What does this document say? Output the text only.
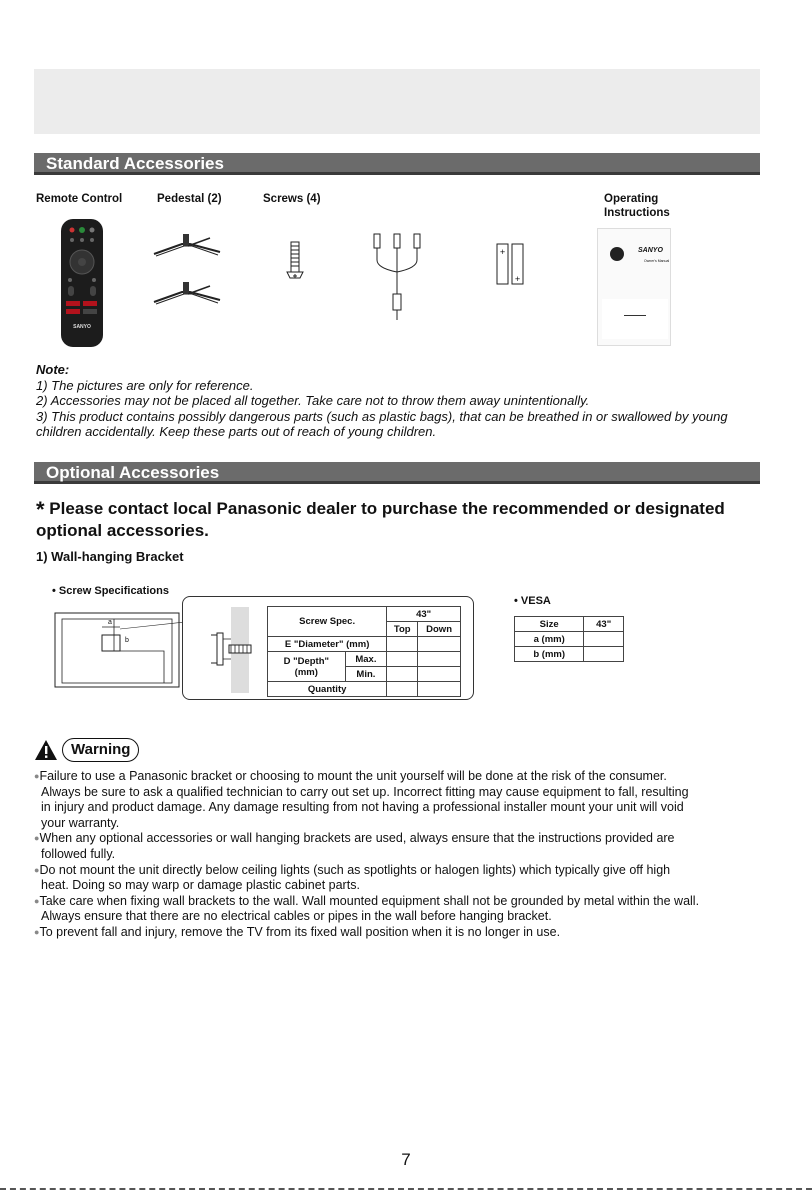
Standard Accessories
Remote Control	Pedestal (2)	Screws (4)	Operating
Instructions
SANYO
+
+
SANYO
Owner's Manual
Note:
1) The pictures are only for reference.
2) Accessories may not be placed all together. Take care not to throw them away unintentionally.
3) This product contains possibly dangerous parts (such as plastic bags), that can be breathed in or swallowed by young
children accidentally. Keep these parts out of reach of young children.
Optional Accessories
* Please contact local Panasonic dealer to purchase the recommended or designated
optional accessories.
1) Wall-hanging Bracket
• Screw Specifications
• VESA
a
b
Screw Spec.		43"	
		Top	Down
E "Diameter" (mm)			

D "Depth"
(mm)	Max.		
	Min.		
Quantity			
Size	43"
a (mm)	
b (mm)	
Warning
●Failure to use a Panasonic bracket or choosing to mount the unit yourself will be done at the risk of the consumer.
Always be sure to ask a qualified technician to carry out set up. Incorrect fitting may cause equipment to fall, resulting
in injury and product damage. Any damage resulting from not having a professional installer mount your unit will void
your warranty.
●When any optional accessories or wall hanging brackets are used, always ensure that the instructions provided are
followed fully.
●Do not mount the unit directly below ceiling lights (such as spotlights or halogen lights) which typically give off high
heat. Doing so may warp or damage plastic cabinet parts.
●Take care when fixing wall brackets to the wall. Wall mounted equipment shall not be grounded by metal within the wall.
Always ensure that there are no electrical cables or pipes in the wall before hanging bracket.
●To prevent fall and injury, remove the TV from its fixed wall position when it is no longer in use.
7
